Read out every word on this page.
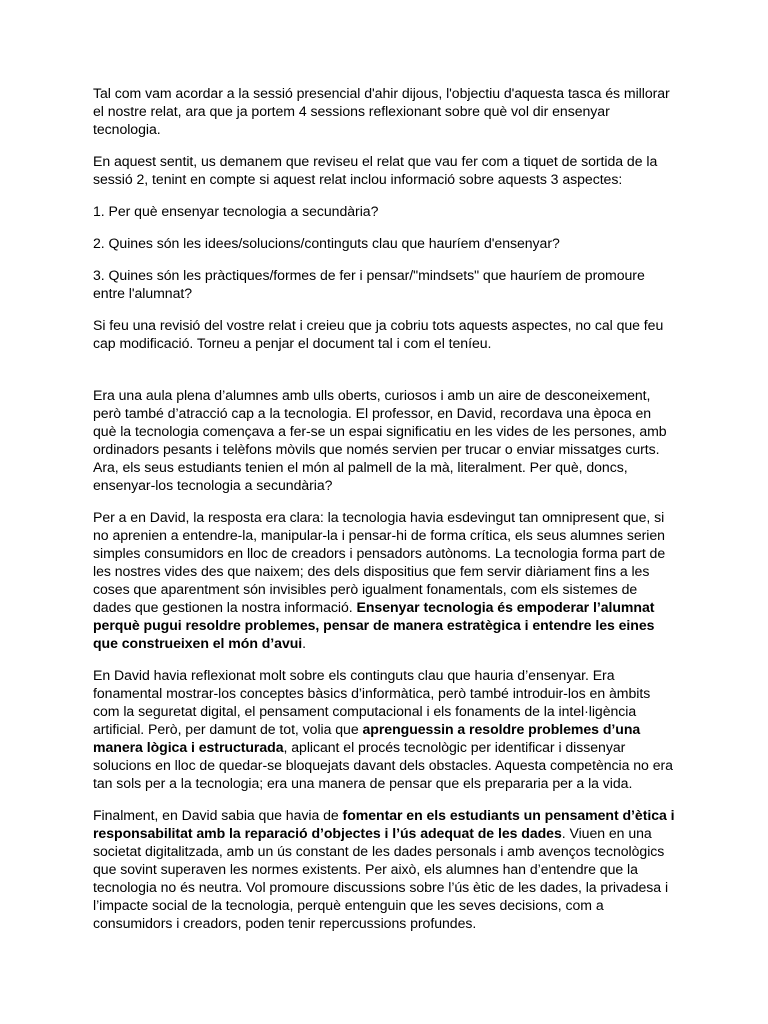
Tal com vam acordar a la sessió presencial d'ahir dijous, l'objectiu d'aquesta tasca és millorar el nostre relat, ara que ja portem 4 sessions reflexionant sobre què vol dir ensenyar tecnologia.

En aquest sentit, us demanem que reviseu el relat que vau fer com a tiquet de sortida de la sessió 2, tenint en compte si aquest relat inclou informació sobre aquests 3 aspectes:

1. Per què ensenyar tecnologia a secundària?

2. Quines són les idees/solucions/continguts clau que hauríem d'ensenyar?

3. Quines són les pràctiques/formes de fer i pensar/"mindsets" que hauríem de promoure entre l'alumnat?

Si feu una revisió del vostre relat i creieu que ja cobriu tots aquests aspectes, no cal que feu cap modificació. Torneu a penjar el document tal i com el teníeu.

Era una aula plena d’alumnes amb ulls oberts, curiosos i amb un aire de desconeixement, però també d’atracció cap a la tecnologia. El professor, en David, recordava una època en què la tecnologia començava a fer-se un espai significatiu en les vides de les persones, amb ordinadors pesants i telèfons mòvils que només servien per trucar o enviar missatges curts. Ara, els seus estudiants tenien el món al palmell de la mà, literalment. Per què, doncs, ensenyar-los tecnologia a secundària?

Per a en David, la resposta era clara: la tecnologia havia esdevingut tan omnipresent que, si no aprenien a entendre-la, manipular-la i pensar-hi de forma crítica, els seus alumnes serien simples consumidors en lloc de creadors i pensadors autònoms. La tecnologia forma part de les nostres vides des que naixem; des dels dispositius que fem servir diàriament fins a les coses que aparentment són invisibles però igualment fonamentals, com els sistemes de dades que gestionen la nostra informació. Ensenyar tecnologia és empoderar l’alumnat perquè pugui resoldre problemes, pensar de manera estratègica i entendre les eines que construeixen el món d’avui.

En David havia reflexionat molt sobre els continguts clau que hauria d’ensenyar. Era fonamental mostrar-los conceptes bàsics d’informàtica, però també introduir-los en àmbits com la seguretat digital, el pensament computacional i els fonaments de la intel·ligència artificial. Però, per damunt de tot, volia que aprenguessin a resoldre problemes d’una manera lògica i estructurada, aplicant el procés tecnològic per identificar i dissenyar solucions en lloc de quedar-se bloquejats davant dels obstacles. Aquesta competència no era tan sols per a la tecnologia; era una manera de pensar que els prepararia per a la vida.

Finalment, en David sabia que havia de fomentar en els estudiants un pensament d’ètica i responsabilitat amb la reparació d’objectes i l’ús adequat de les dades. Viuen en una societat digitalitzada, amb un ús constant de les dades personals i amb avenços tecnològics que sovint superaven les normes existents. Per això, els alumnes han d’entendre que la tecnologia no és neutra. Vol promoure discussions sobre l’ús ètic de les dades, la privadesa i l’impacte social de la tecnologia, perquè entenguin que les seves decisions, com a consumidors i creadors, poden tenir repercussions profundes.
